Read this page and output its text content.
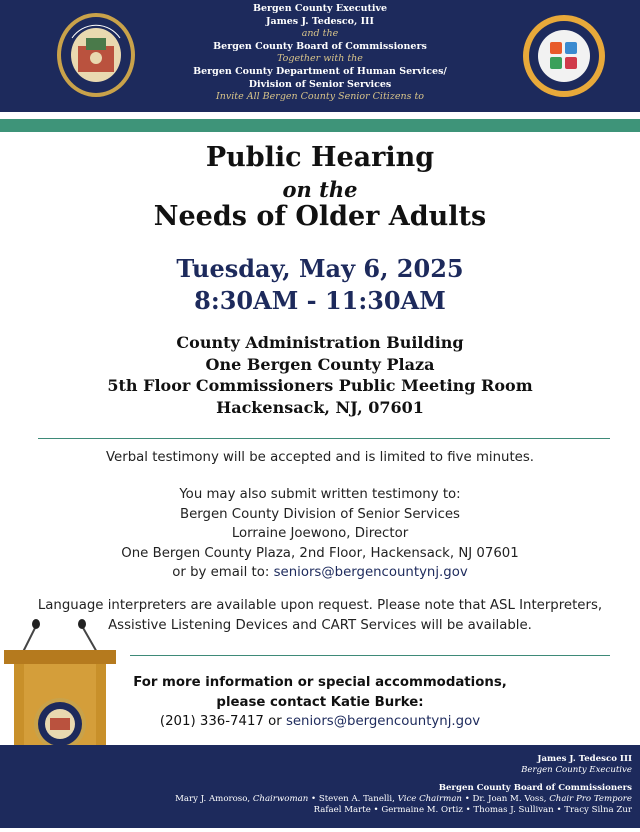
Bergen County Executive
James J. Tedesco, III
and the
Bergen County Board of Commissioners
Together with the
Bergen County Department of Human Services/
Division of Senior Services
Invite All Bergen County Senior Citizens to
Public Hearing
on the
Needs of Older Adults
Tuesday, May 6, 2025
8:30AM - 11:30AM
County Administration Building
One Bergen County Plaza
5th Floor Commissioners Public Meeting Room
Hackensack, NJ, 07601
Verbal testimony will be accepted and is limited to five minutes.
You may also submit written testimony to:
Bergen County Division of Senior Services
Lorraine Joewono, Director
One Bergen County Plaza, 2nd Floor, Hackensack, NJ 07601
or by email to: seniors@bergencountynj.gov
Language interpreters are available upon request. Please note that ASL Interpreters,
Assistive Listening Devices and CART Services will be available.
For more information or special accommodations,
please contact Katie Burke:
(201) 336-7417 or seniors@bergencountynj.gov
James J. Tedesco III
Bergen County Executive
Bergen County Board of Commissioners
Mary J. Amoroso, Chairwoman • Steven A. Tanelli, Vice Chairman • Dr. Joan M. Voss, Chair Pro Tempore
Rafael Marte • Germaine M. Ortiz • Thomas J. Sullivan • Tracy Silna Zur
